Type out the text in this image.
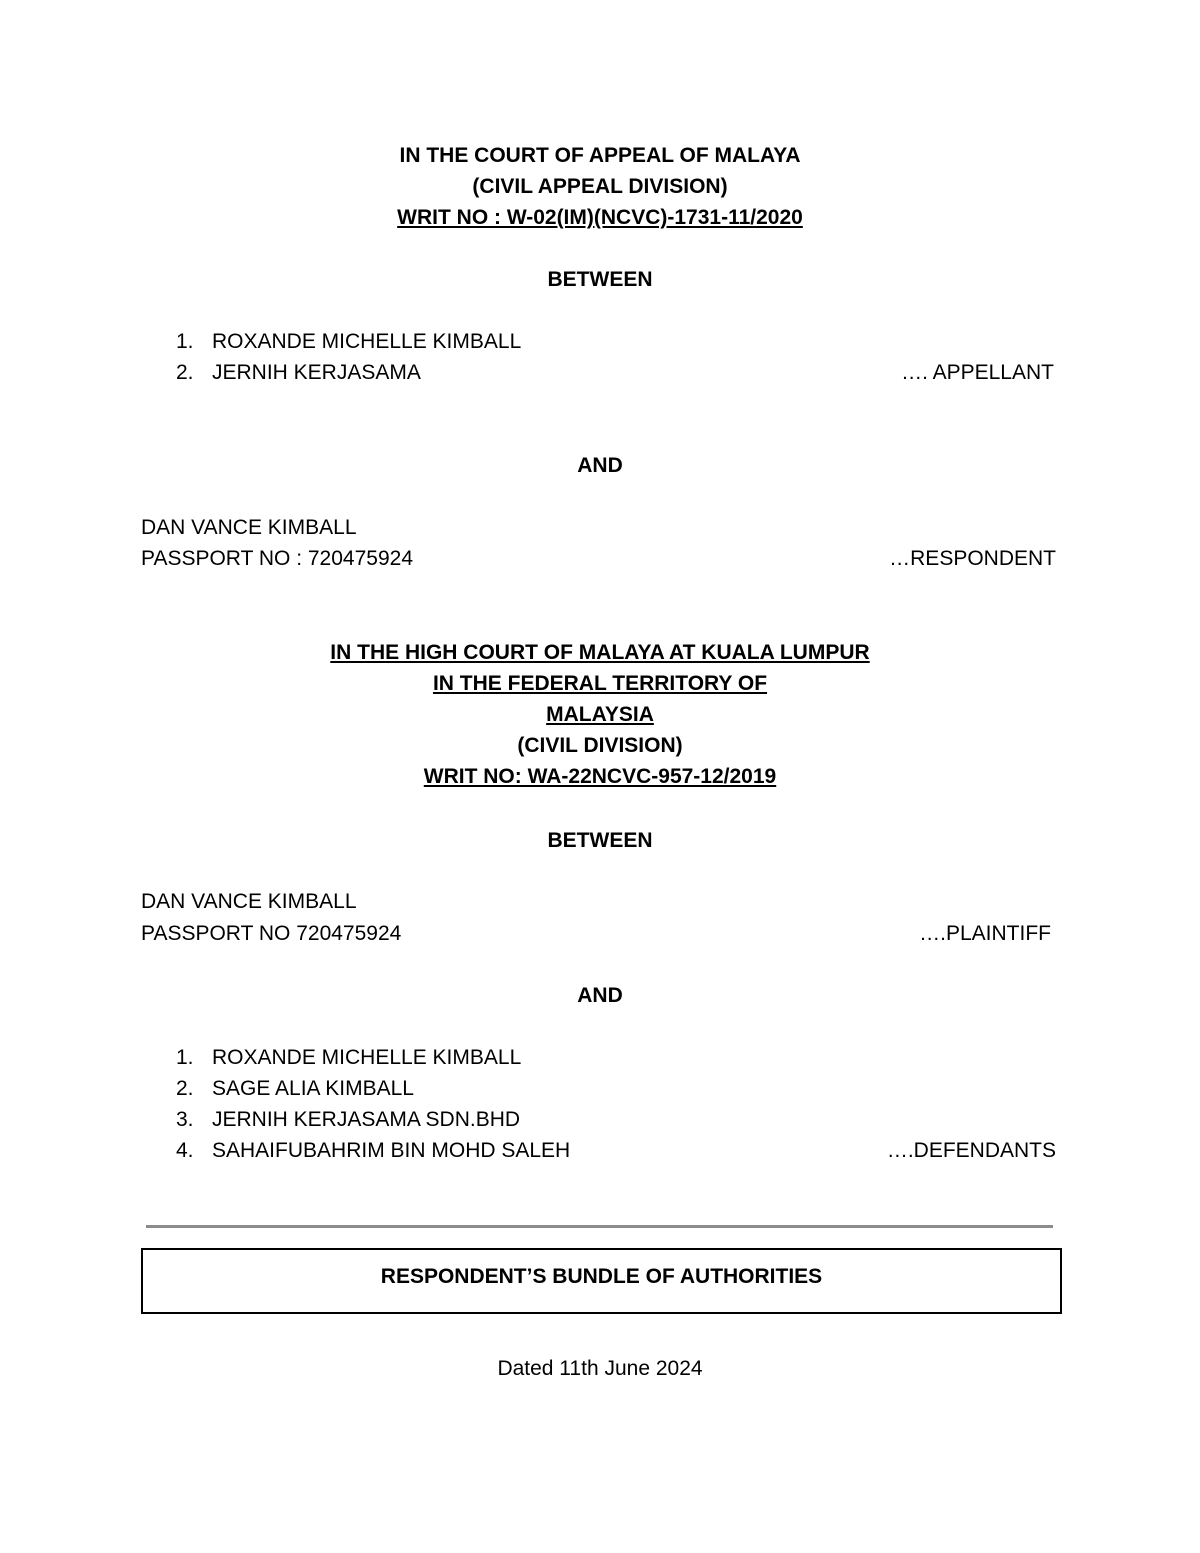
IN THE COURT OF APPEAL OF MALAYA
(CIVIL APPEAL DIVISION)
WRIT NO : W-02(IM)(NCVC)-1731-11/2020
BETWEEN
1. ROXANDE MICHELLE KIMBALL
2. JERNIH KERJASAMA	…. APPELLANT
AND
DAN VANCE KIMBALL
PASSPORT NO : 720475924	…RESPONDENT
IN THE HIGH COURT OF MALAYA AT KUALA LUMPUR
IN THE FEDERAL TERRITORY OF
MALAYSIA
(CIVIL DIVISION)
WRIT NO: WA-22NCVC-957-12/2019
BETWEEN
DAN VANCE KIMBALL
PASSPORT NO 720475924	….PLAINTIFF
AND
1. ROXANDE MICHELLE KIMBALL
2. SAGE ALIA KIMBALL
3. JERNIH KERJASAMA SDN.BHD
4. SAHAIFUBAHRIM BIN MOHD SALEH	….DEFENDANTS
RESPONDENT’S BUNDLE OF AUTHORITIES
Dated 11th June 2024
